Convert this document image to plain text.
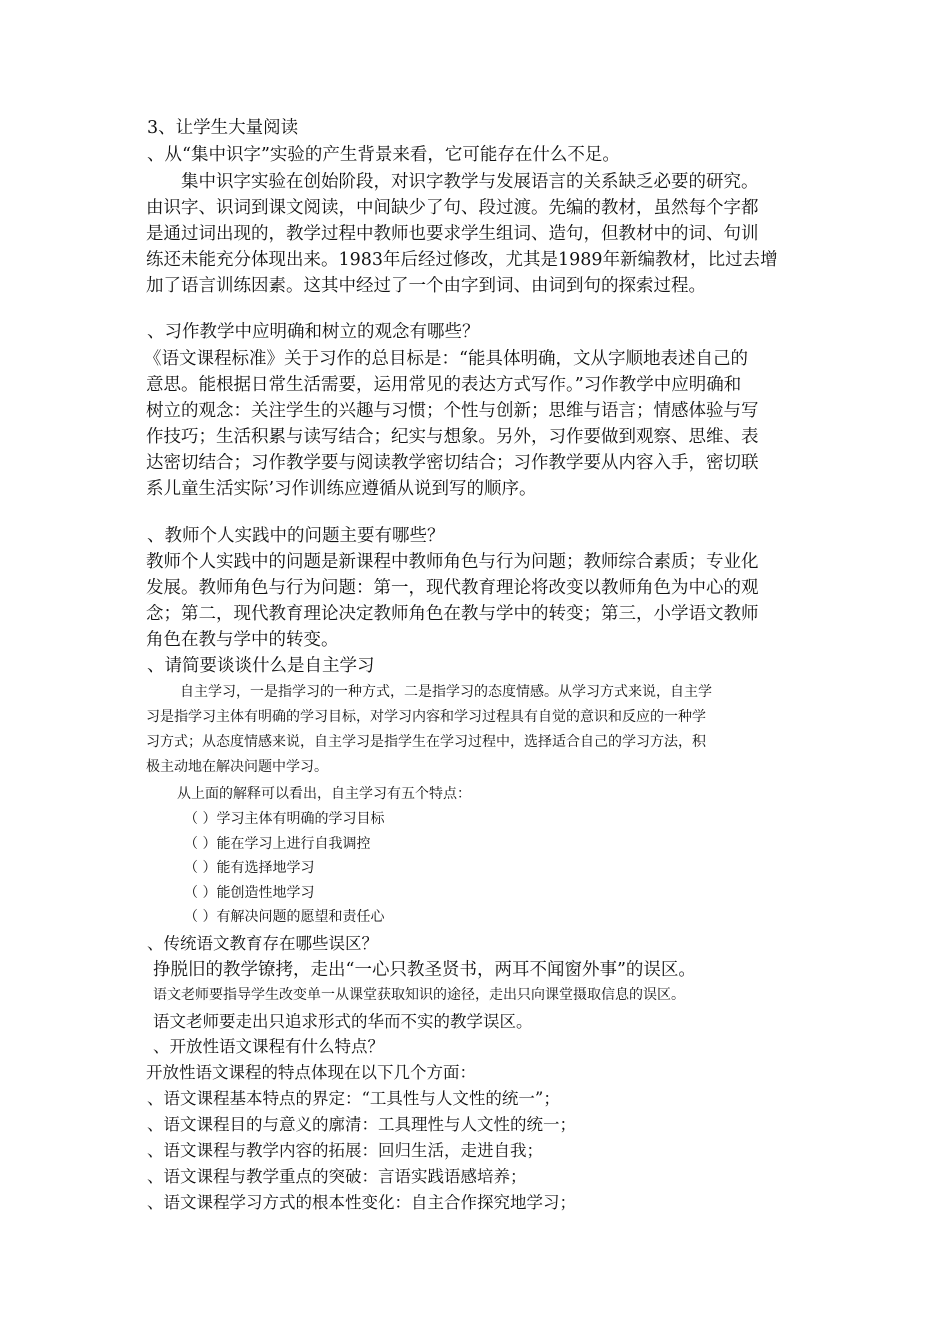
3、让学生大量阅读

、从“集中识字”实验的产生背景来看，它可能存在什么不足。

集中识字实验在创始阶段，对识字教学与发展语言的关系缺乏必要的研究。

由识字、识词到课文阅读，中间缺少了句、段过渡。先编的教材，虽然每个字都

是通过词出现的，教学过程中教师也要求学生组词、造句，但教材中的词、句训

练还未能充分体现出来。1983年后经过修改，尤其是1989年新编教材，比过去增

加了语言训练因素。这其中经过了一个由字到词、由词到句的探索过程。

、习作教学中应明确和树立的观念有哪些？

《语文课程标准》关于习作的总目标是：“能具体明确，文从字顺地表述自己的

意思。能根据日常生活需要，运用常见的表达方式写作。”习作教学中应明确和

树立的观念：关注学生的兴趣与习惯；个性与创新；思维与语言；情感体验与写

作技巧；生活积累与读写结合；纪实与想象。另外，习作要做到观察、思维、表

达密切结合；习作教学要与阅读教学密切结合；习作教学要从内容入手，密切联

系儿童生活实际’习作训练应遵循从说到写的顺序。

、教师个人实践中的问题主要有哪些？

教师个人实践中的问题是新课程中教师角色与行为问题；教师综合素质；专业化

发展。教师角色与行为问题：第一，现代教育理论将改变以教师角色为中心的观

念；第二，现代教育理论决定教师角色在教与学中的转变；第三，小学语文教师

角色在教与学中的转变。

、请简要谈谈什么是自主学习

自主学习，一是指学习的一种方式，二是指学习的态度情感。从学习方式来说，自主学

习是指学习主体有明确的学习目标，对学习内容和学习过程具有自觉的意识和反应的一种学

习方式；从态度情感来说，自主学习是指学生在学习过程中，选择适合自己的学习方法，积

极主动地在解决问题中学习。

从上面的解释可以看出，自主学习有五个特点：

（ ）学习主体有明确的学习目标

（ ）能在学习上进行自我调控

（ ）能有选择地学习

（ ）能创造性地学习

（ ）有解决问题的愿望和责任心

、传统语文教育存在哪些误区？

挣脱旧的教学镣拷，走出“一心只教圣贤书，两耳不闻窗外事”的误区。

语文老师要指导学生改变单一从课堂获取知识的途径，走出只向课堂摄取信息的误区。

语文老师要走出只追求形式的华而不实的教学误区。

、开放性语文课程有什么特点？

开放性语文课程的特点体现在以下几个方面：

、语文课程基本特点的界定：“工具性与人文性的统一”；

、语文课程目的与意义的廓清：工具理性与人文性的统一；

、语文课程与教学内容的拓展：回归生活，走进自我；

、语文课程与教学重点的突破：言语实践语感培养；

、语文课程学习方式的根本性变化：自主合作探究地学习；
